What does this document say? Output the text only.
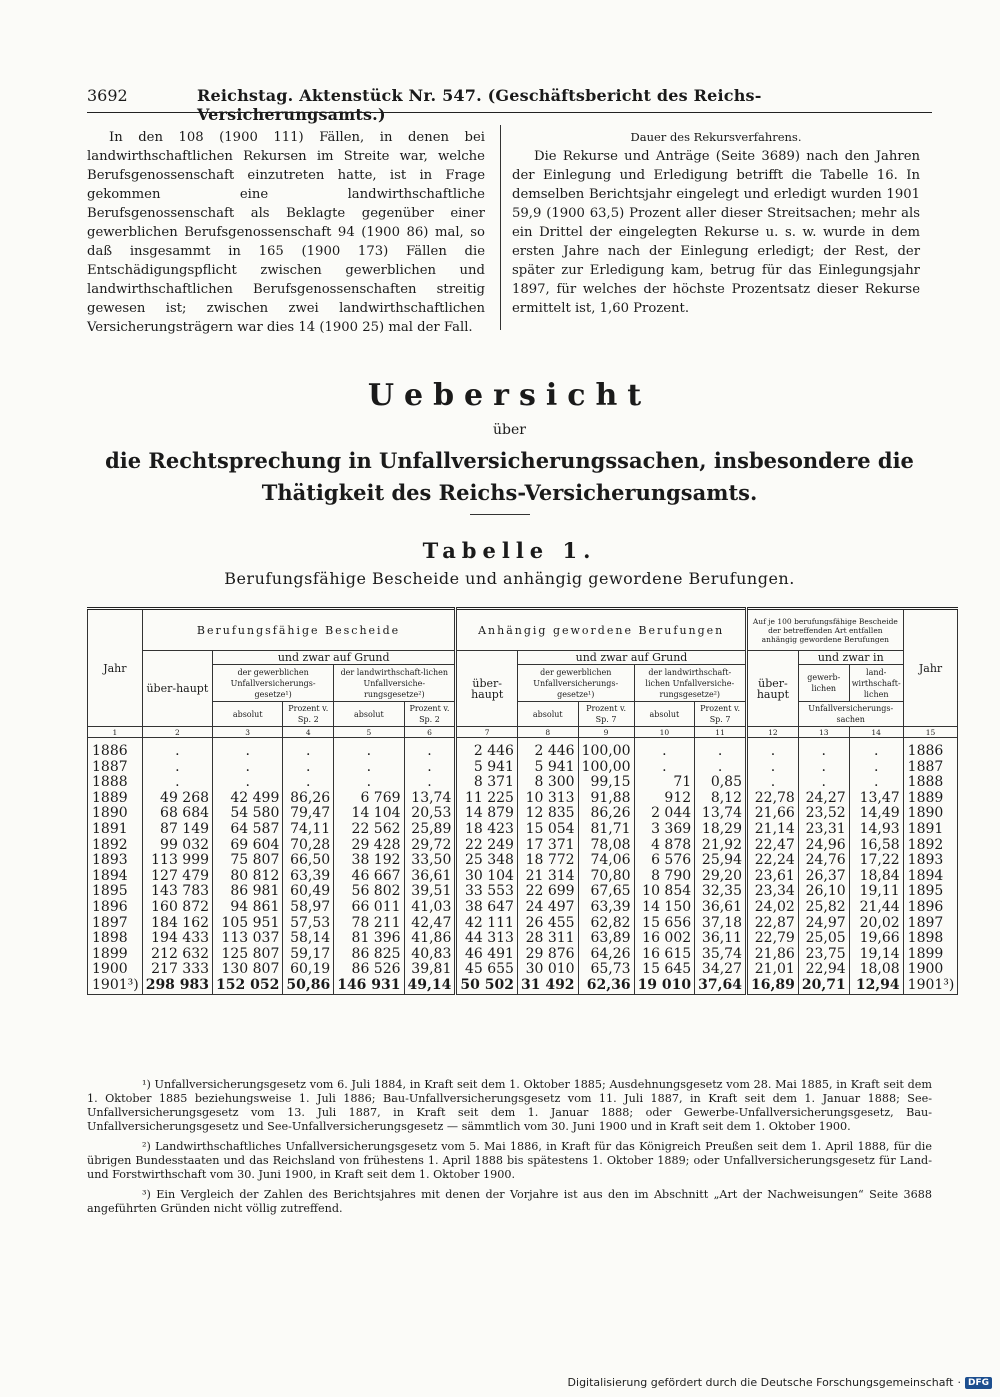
3692	Reichstag. Aktenstück Nr. 547. (Geschäftsbericht des Reichs-Versicherungsamts.)

In den 108 (1900 111) Fällen, in denen bei landwirthschaftlichen Rekursen im Streite war, welche Berufsgenossenschaft einzutreten hatte, ist in Frage gekommen eine landwirthschaftliche Berufsgenossenschaft als Beklagte gegenüber einer gewerblichen Berufsgenossenschaft 94 (1900 86) mal, so daß insgesammt in 165 (1900 173) Fällen die Entschädigungspflicht zwischen gewerblichen und landwirthschaftlichen Berufsgenossenschaften streitig gewesen ist; zwischen zwei landwirthschaftlichen Versicherungsträgern war dies 14 (1900 25) mal der Fall.

Dauer des Rekursverfahrens.

Die Rekurse und Anträge (Seite 3689) nach den Jahren der Einlegung und Erledigung betrifft die Tabelle 16. In demselben Berichtsjahr eingelegt und erledigt wurden 1901 59,9 (1900 63,5) Prozent aller dieser Streitsachen; mehr als ein Drittel der eingelegten Rekurse u. s. w. wurde in dem ersten Jahre nach der Einlegung erledigt; der Rest, der später zur Erledigung kam, betrug für das Einlegungsjahr 1897, für welches der höchste Prozentsatz dieser Rekurse ermittelt ist, 1,60 Prozent.

Uebersicht
über
die Rechtsprechung in Unfallversicherungssachen, insbesondere die Thätigkeit des Reichs-Versicherungsamts.
Tabelle 1.
Berufungsfähige Bescheide und anhängig gewordene Berufungen.
Jahr	Berufungsfähige Bescheide					Anhängig gewordene Berufungen					Auf je 100 berufungsfähige Bescheide der betreffenden Art entfallen anhängig gewordene Berufungen			Jahr
	über-haupt	und zwar auf Grund				über-haupt	und zwar auf Grund				über-haupt	und zwar in		
		der gewerblichen Unfallversicherungs-gesetze¹)		der landwirthschaft-lichen Unfallversiche-rungsgesetze²)			der gewerblichen Unfallversicherungs-gesetze¹)		der landwirthschaft-lichen Unfallversiche-rungsgesetze²)			gewerb-lichen	land-wirthschaft-lichen	
		absolut	Prozent v. Sp. 2	absolut	Prozent v. Sp. 2		absolut	Prozent v. Sp. 7	absolut	Prozent v. Sp. 7		Unfallversicherungs-sachen		
1	2	3	4	5	6	7	8	9	10	11	12	13	14	15
1886	.	.	.	.	.	2 446	2 446	100,00	.	.	.	.	.	1886
1887	.	.	.	.	.	5 941	5 941	100,00	.	.	.	.	.	1887
1888	.	.	.	.	.	8 371	8 300	99,15	71	0,85	.	.	.	1888
1889	49 268	42 499	86,26	6 769	13,74	11 225	10 313	91,88	912	8,12	22,78	24,27	13,47	1889
1890	68 684	54 580	79,47	14 104	20,53	14 879	12 835	86,26	2 044	13,74	21,66	23,52	14,49	1890
1891	87 149	64 587	74,11	22 562	25,89	18 423	15 054	81,71	3 369	18,29	21,14	23,31	14,93	1891
1892	99 032	69 604	70,28	29 428	29,72	22 249	17 371	78,08	4 878	21,92	22,47	24,96	16,58	1892
1893	113 999	75 807	66,50	38 192	33,50	25 348	18 772	74,06	6 576	25,94	22,24	24,76	17,22	1893
1894	127 479	80 812	63,39	46 667	36,61	30 104	21 314	70,80	8 790	29,20	23,61	26,37	18,84	1894
1895	143 783	86 981	60,49	56 802	39,51	33 553	22 699	67,65	10 854	32,35	23,34	26,10	19,11	1895
1896	160 872	94 861	58,97	66 011	41,03	38 647	24 497	63,39	14 150	36,61	24,02	25,82	21,44	1896
1897	184 162	105 951	57,53	78 211	42,47	42 111	26 455	62,82	15 656	37,18	22,87	24,97	20,02	1897
1898	194 433	113 037	58,14	81 396	41,86	44 313	28 311	63,89	16 002	36,11	22,79	25,05	19,66	1898
1899	212 632	125 807	59,17	86 825	40,83	46 491	29 876	64,26	16 615	35,74	21,86	23,75	19,14	1899
1900	217 333	130 807	60,19	86 526	39,81	45 655	30 010	65,73	15 645	34,27	21,01	22,94	18,08	1900
1901³)	298 983	152 052	50,86	146 931	49,14	50 502	31 492	62,36	19 010	37,64	16,89	20,71	12,94	1901³)

¹) Unfallversicherungsgesetz vom 6. Juli 1884, in Kraft seit dem 1. Oktober 1885; Ausdehnungsgesetz vom 28. Mai 1885, in Kraft seit dem 1. Oktober 1885 beziehungsweise 1. Juli 1886; Bau-Unfallversicherungsgesetz vom 11. Juli 1887, in Kraft seit dem 1. Januar 1888; See-Unfallversicherungsgesetz vom 13. Juli 1887, in Kraft seit dem 1. Januar 1888; oder Gewerbe-Unfallversicherungsgesetz, Bau-Unfallversicherungsgesetz und See-Unfallversicherungsgesetz — sämmtlich vom 30. Juni 1900 und in Kraft seit dem 1. Oktober 1900.

²) Landwirthschaftliches Unfallversicherungsgesetz vom 5. Mai 1886, in Kraft für das Königreich Preußen seit dem 1. April 1888, für die übrigen Bundesstaaten und das Reichsland von frühestens 1. April 1888 bis spätestens 1. Oktober 1889; oder Unfallversicherungsgesetz für Land- und Forstwirthschaft vom 30. Juni 1900, in Kraft seit dem 1. Oktober 1900.

³) Ein Vergleich der Zahlen des Berichtsjahres mit denen der Vorjahre ist aus den im Abschnitt „Art der Nachweisungen“ Seite 3688 angeführten Gründen nicht völlig zutreffend.

Digitalisierung gefördert durch die Deutsche Forschungsgemeinschaft · DFG
